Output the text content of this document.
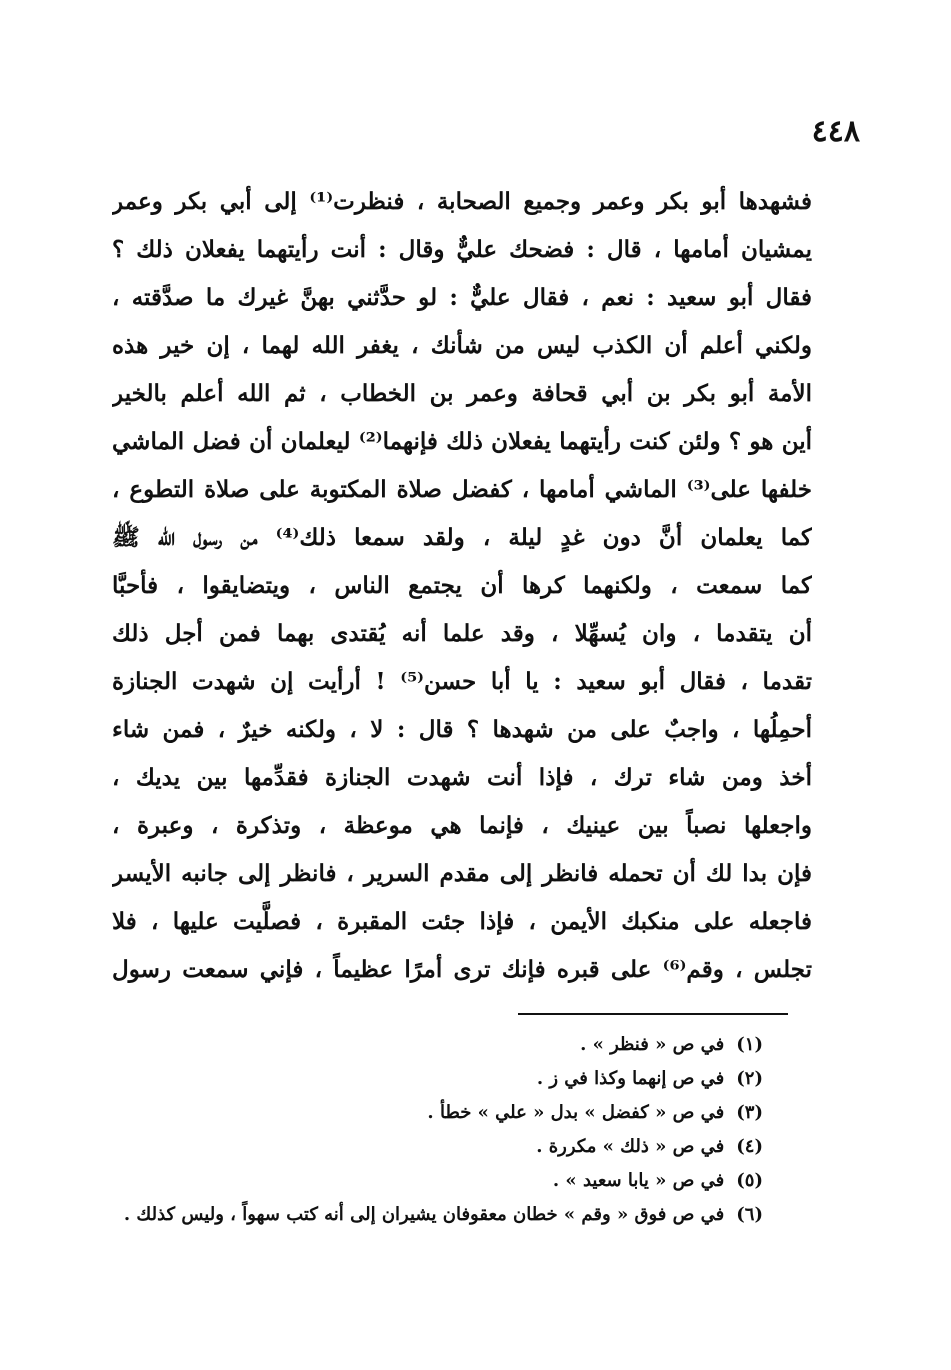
٤٤٨
فشهدها أبو بكر وعمر وجميع الصحابة ، فنظرت⁽¹⁾ إلى أبي بكر وعمر
يمشيان أمامها ، قال : فضحك عليٌّ وقال : أنت رأيتهما يفعلان ذلك ؟
فقال أبو سعيد : نعم ، فقال عليٌّ : لو حدَّثني بهنَّ غيرك ما صدَّقته ،
ولكني أعلم أن الكذب ليس من شأنك ، يغفر الله لهما ، إن خير هذه
الأمة أبو بكر بن أبي قحافة وعمر بن الخطاب ، ثم الله أعلم بالخير
أين هو ؟ ولئن كنت رأيتهما يفعلان ذلك فإنهما⁽²⁾ ليعلمان أن فضل الماشي
خلفها على⁽³⁾ الماشي أمامها ، كفضل صلاة المكتوبة على صلاة التطوع ،
كما يعلمان أنَّ دون غدٍ ليلة ، ولقد سمعا ذلك⁽⁴⁾ من رسول الله ﷺ
كما سمعت ، ولكنهما كرها أن يجتمع الناس ، ويتضايقوا ، فأحبَّا
أن يتقدما ، وان يُسهِّلا ، وقد علما أنه يُقتدى بهما فمن أجل ذلك
تقدما ، فقال أبو سعيد : يا أبا حسن⁽⁵⁾ ! أرأيت إن شهدت الجنازة
أحمِلُها ، واجبٌ على من شهدها ؟ قال : لا ، ولكنه خيرٌ ، فمن شاء
أخذ ومن شاء ترك ، فإذا أنت شهدت الجنازة فقدِّمها بين يديك ،
واجعلها نصباً بين عينيك ، فإنما هي موعظة ، وتذكرة ، وعبرة ،
فإن بدا لك أن تحمله فانظر إلى مقدم السرير ، فانظر إلى جانبه الأيسر
فاجعله على منكبك الأيمن ، فإذا جئت المقبرة ، فصلَّيت عليها ، فلا
تجلس ، وقم⁽⁶⁾ على قبره فإنك ترى أمرًا عظيماً ، فإني سمعت رسول
(١)في ص « فنظر » .
(٢)في ص إنهما وكذا في ز .
(٣)في ص « كفضل » بدل « علي » خطأ .
(٤)في ص « ذلك » مكررة .
(٥)في ص « يابا سعيد » .
(٦)في ص فوق « وقم » خطان معقوفان يشيران إلى أنه كتب سهواً ، وليس كذلك .
